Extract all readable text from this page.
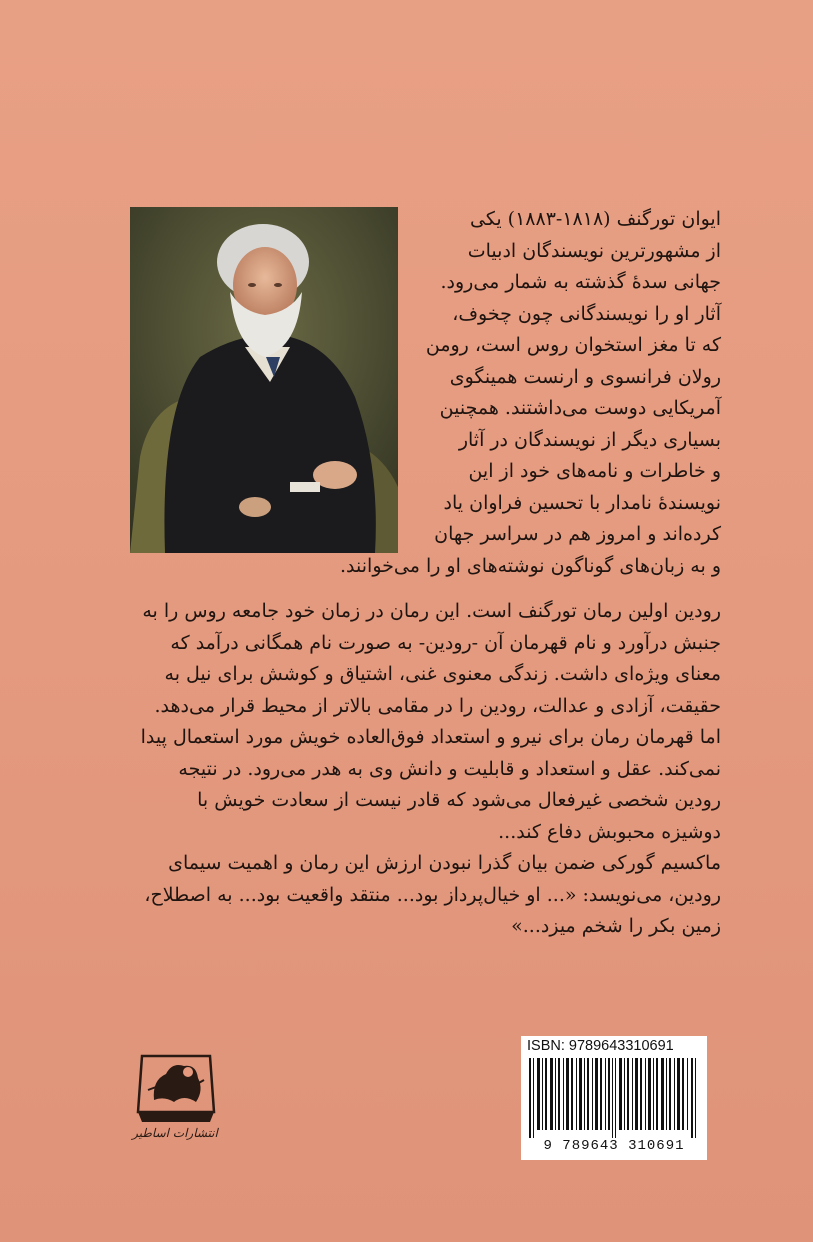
ایوان تورگنف (۱۸۱۸-۱۸۸۳) یکی
از مشهورترین نویسندگان ادبیات
جهانی سدهٔ گذشته به شمار می‌رود.
آثار او را نویسندگانی چون چخوف،
که تا مغز استخوان روس است، رومن
رولان فرانسوی و ارنست همینگوی
آمریکایی دوست می‌داشتند. همچنین
بسیاری دیگر از نویسندگان در آثار
و خاطرات و نامه‌های خود از این
نویسندهٔ نامدار با تحسین فراوان یاد
کرده‌اند و امروز هم در سراسر جهان
و به زبان‌های گوناگون نوشته‌های او را می‌خوانند.
رودین اولین رمان تورگنف است. این رمان در زمان خود جامعه روس را به
جنبش درآورد و نام قهرمان آن -رودین- به صورت نام همگانی درآمد که
معنای ویژه‌ای داشت. زندگی معنوی غنی، اشتیاق و کوشش برای نیل به
حقیقت، آزادی و عدالت، رودین را در مقامی بالاتر از محیط قرار می‌دهد.
اما قهرمان رمان برای نیرو و استعداد فوق‌العاده خویش مورد استعمال پیدا
نمی‌کند. عقل و استعداد و قابلیت و دانش وی به هدر می‌رود. در نتیجه
رودین شخصی غیرفعال می‌شود که قادر نیست از سعادت خویش با
دوشیزه محبوبش دفاع کند...
ماکسیم گورکی ضمن بیان گذرا نبودن ارزش این رمان و اهمیت سیمای
رودین، می‌نویسد: «... او خیال‌پرداز بود... منتقد واقعیت بود... به اصطلاح،
زمین بکر را شخم میزد...»
انتشارات اساطیر
ISBN: 9789643310691
9 789643 310691
